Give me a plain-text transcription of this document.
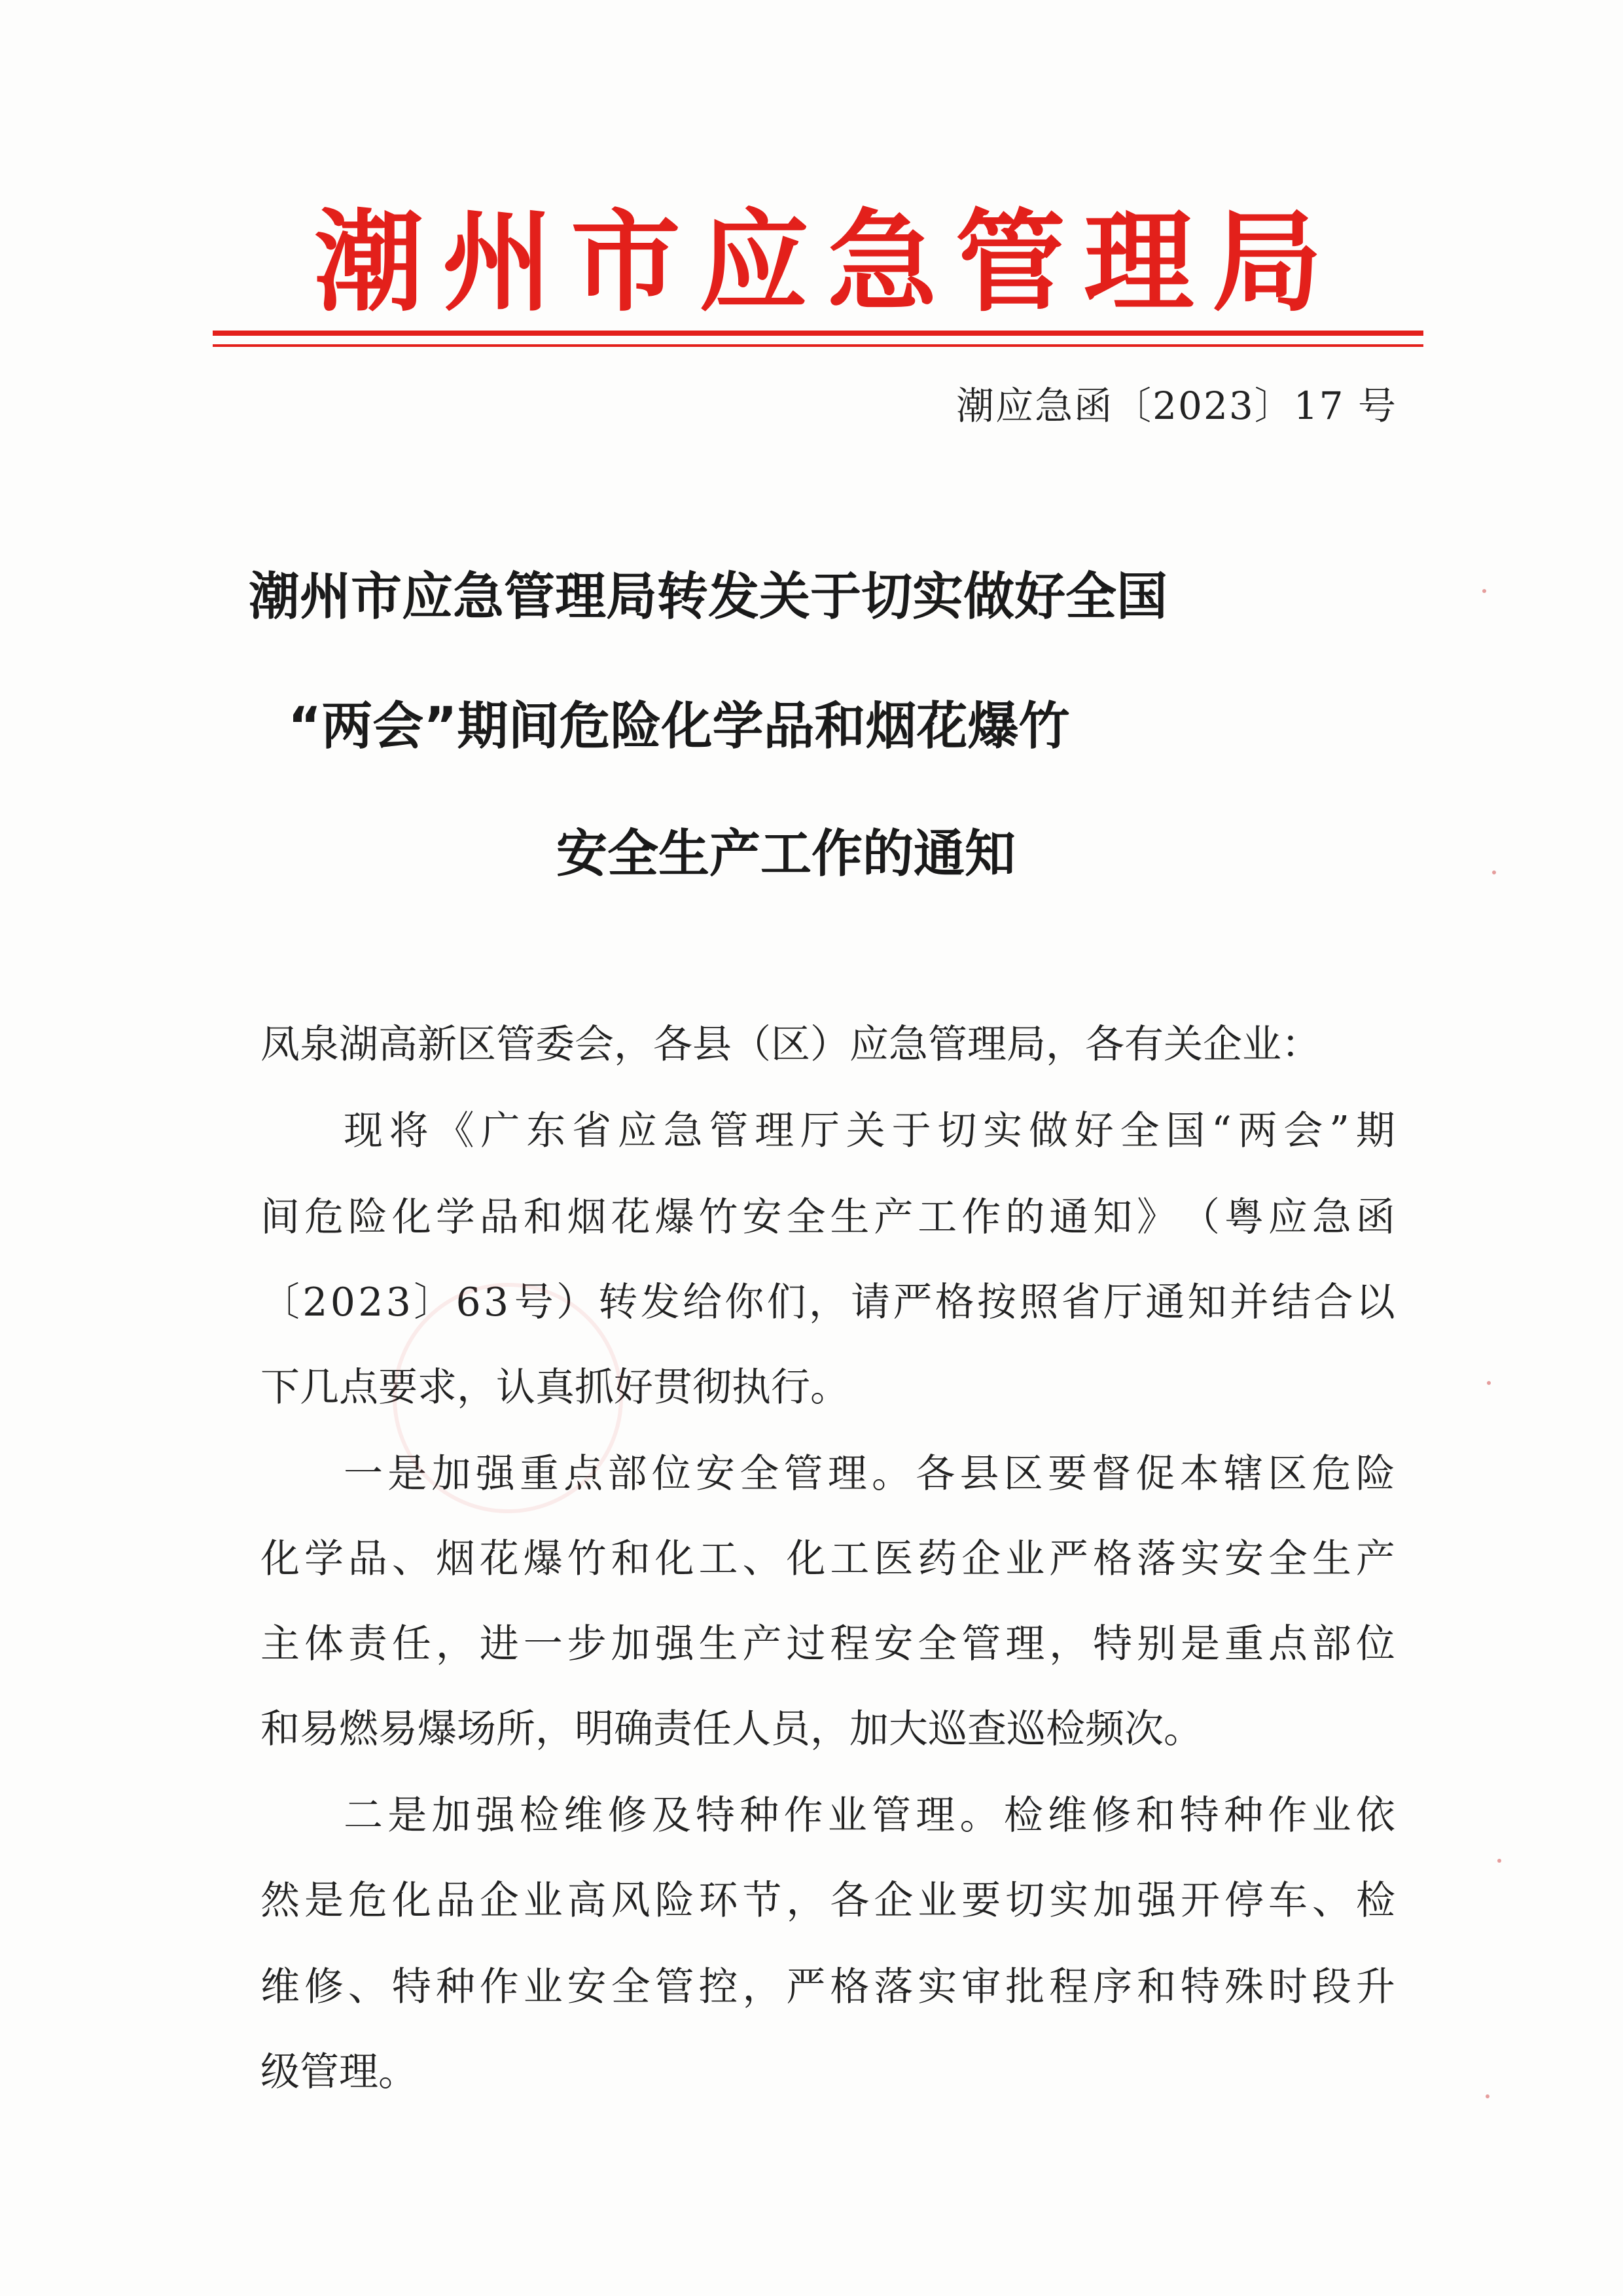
潮 州 市 应 急 管 理 局
潮应急函〔2023〕17 号
潮州市应急管理局转发关于切实做好全国
“两会”期间危险化学品和烟花爆竹
安全生产工作的通知
凤泉湖高新区管委会，各县（区）应急管理局，各有关企业：
现 将 《 广 东 省 应 急 管 理 厅 关 于 切 实 做 好 全 国 “ 两 会 ” 期
间 危 险 化 学 品 和 烟 花 爆 竹 安 全 生 产 工 作 的 通 知 》 （ 粤 应 急 函
〔 2 0 2 3 〕 6 3 号 ） 转 发 给 你 们 ， 请 严 格 按 照 省 厅 通 知 并 结 合 以
下几点要求，认真抓好贯彻执行。
一 是 加 强 重 点 部 位 安 全 管 理 。 各 县 区 要 督 促 本 辖 区 危 险
化 学 品 、 烟 花 爆 竹 和 化 工 、 化 工 医 药 企 业 严 格 落 实 安 全 生 产
主 体 责 任 ， 进 一 步 加 强 生 产 过 程 安 全 管 理 ， 特 别 是 重 点 部 位
和易燃易爆场所，明确责任人员，加大巡查巡检频次。
二 是 加 强 检 维 修 及 特 种 作 业 管 理 。 检 维 修 和 特 种 作 业 依
然 是 危 化 品 企 业 高 风 险 环 节 ， 各 企 业 要 切 实 加 强 开 停 车 、 检
维 修 、 特 种 作 业 安 全 管 控 ， 严 格 落 实 审 批 程 序 和 特 殊 时 段 升
级管理。
